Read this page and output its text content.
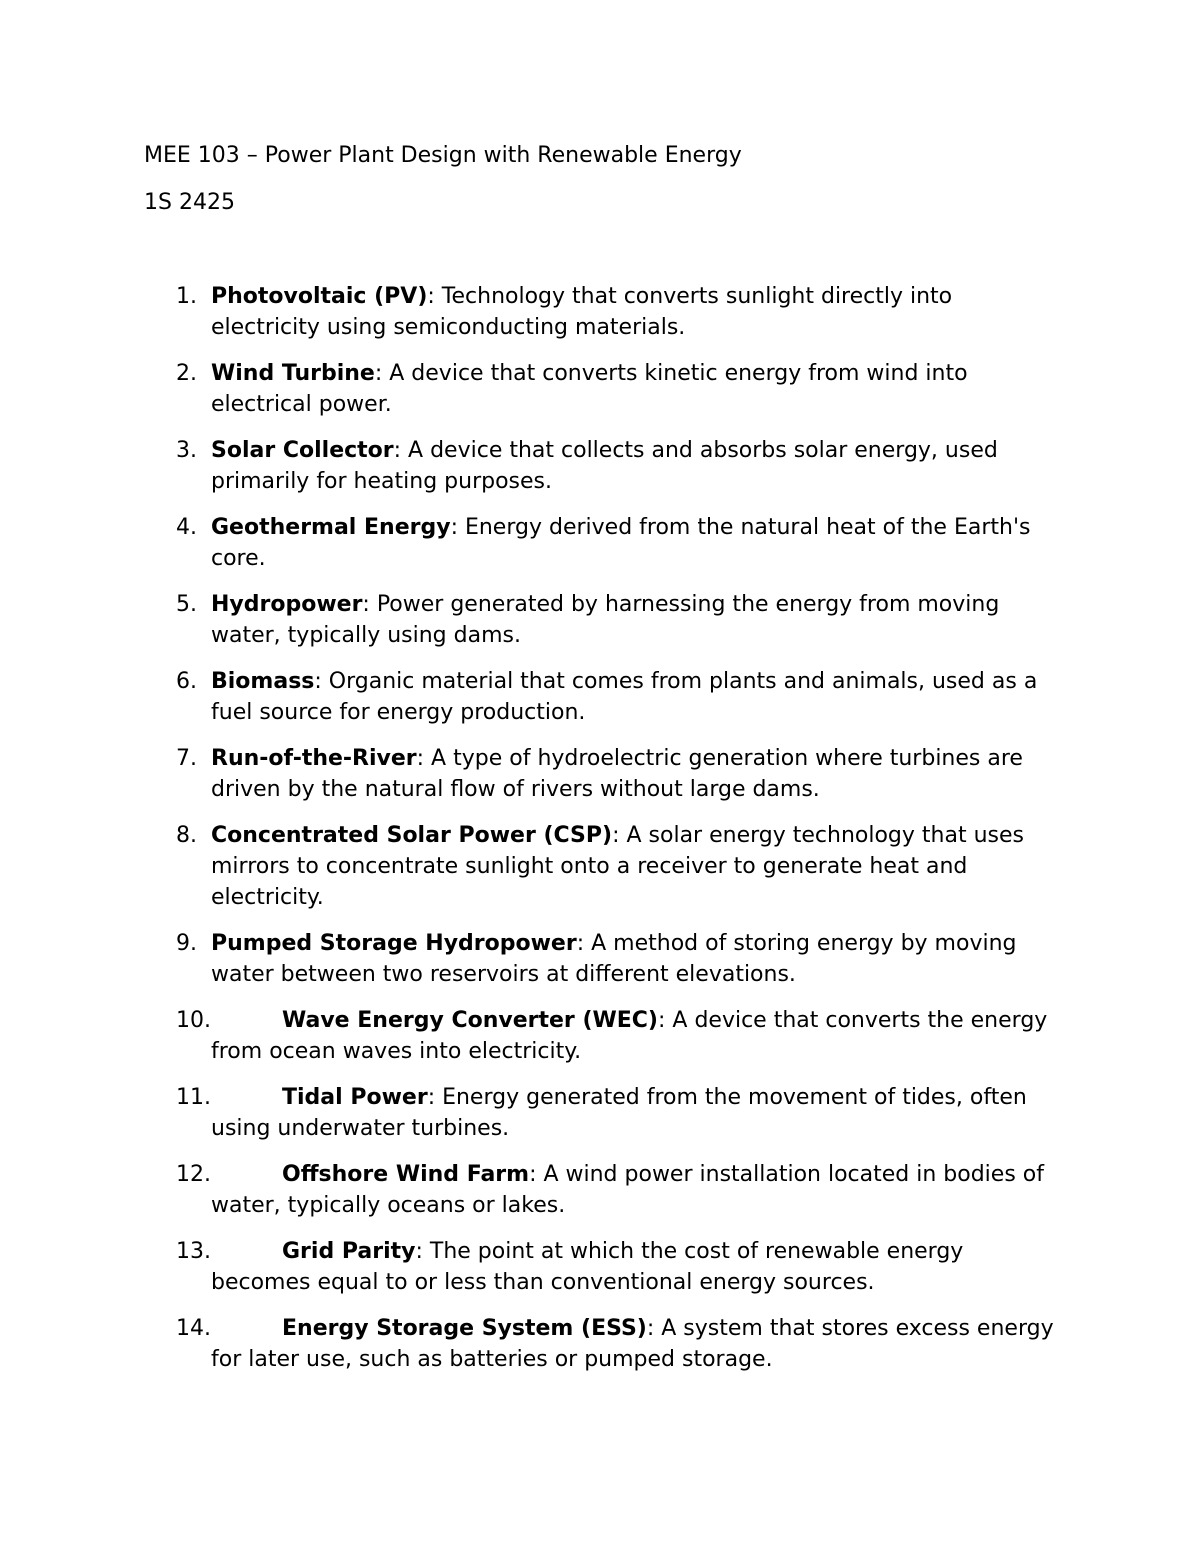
MEE 103 – Power Plant Design with Renewable Energy
1S 2425
1. Photovoltaic (PV): Technology that converts sunlight directly into electricity using semiconducting materials.
2. Wind Turbine: A device that converts kinetic energy from wind into electrical power.
3. Solar Collector: A device that collects and absorbs solar energy, used primarily for heating purposes.
4. Geothermal Energy: Energy derived from the natural heat of the Earth's core.
5. Hydropower: Power generated by harnessing the energy from moving water, typically using dams.
6. Biomass: Organic material that comes from plants and animals, used as a fuel source for energy production.
7. Run-of-the-River: A type of hydroelectric generation where turbines are driven by the natural flow of rivers without large dams.
8. Concentrated Solar Power (CSP): A solar energy technology that uses mirrors to concentrate sunlight onto a receiver to generate heat and electricity.
9. Pumped Storage Hydropower: A method of storing energy by moving water between two reservoirs at different elevations.
10.	Wave Energy Converter (WEC): A device that converts the energy from ocean waves into electricity.
11.	Tidal Power: Energy generated from the movement of tides, often using underwater turbines.
12.	Offshore Wind Farm: A wind power installation located in bodies of water, typically oceans or lakes.
13.	Grid Parity: The point at which the cost of renewable energy becomes equal to or less than conventional energy sources.
14.	Energy Storage System (ESS): A system that stores excess energy for later use, such as batteries or pumped storage.
